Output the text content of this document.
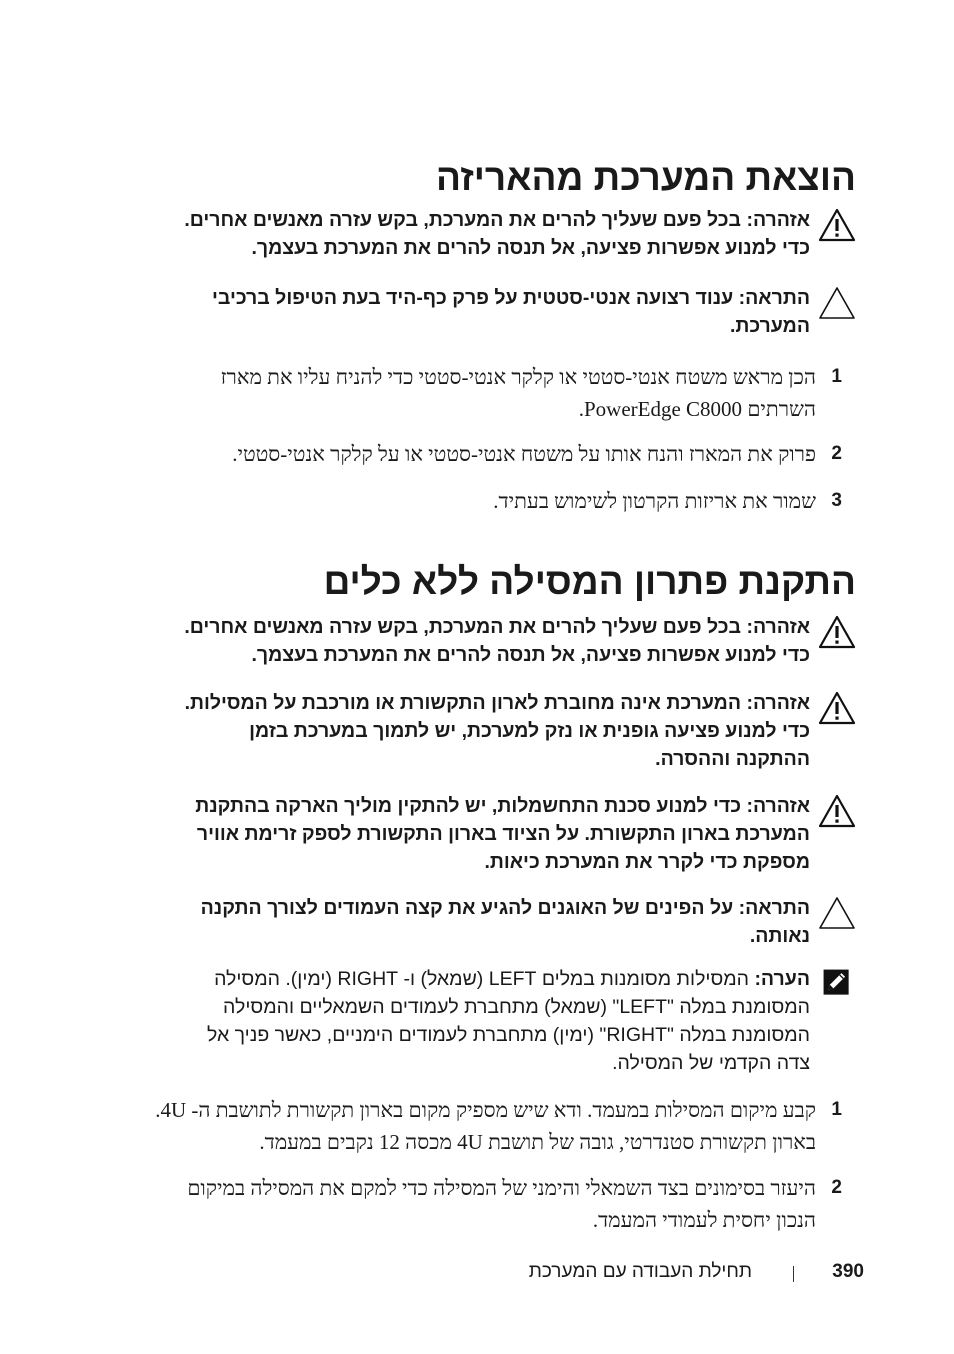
הוצאת המערכת מהאריזה
אזהרה: בכל פעם שעליך להרים את המערכת, בקש עזרה מאנשים אחרים.
כדי למנוע אפשרות פציעה, אל תנסה להרים את המערכת בעצמך.
התראה: ענוד רצועה אנטי-סטטית על פרק כף-היד בעת הטיפול ברכיבי
המערכת.
1
הכן מראש משטח אנטי-סטטי או קלקר אנטי-סטטי כדי להניח עליו את מארז
השרתים PowerEdge C8000.
2
פרוק את המארז והנח אותו על משטח אנטי-סטטי או על קלקר אנטי-סטטי.
3
שמור את אריזות הקרטון לשימוש בעתיד.
התקנת פתרון המסילה ללא כלים
אזהרה: בכל פעם שעליך להרים את המערכת, בקש עזרה מאנשים אחרים.
כדי למנוע אפשרות פציעה, אל תנסה להרים את המערכת בעצמך.
אזהרה: המערכת אינה מחוברת לארון התקשורת או מורכבת על המסילות.
כדי למנוע פציעה גופנית או נזק למערכת, יש לתמוך במערכת בזמן
ההתקנה וההסרה.
אזהרה: כדי למנוע סכנת התחשמלות, יש להתקין מוליך הארקה בהתקנת
המערכת בארון התקשורת. על הציוד בארון התקשורת לספק זרימת אוויר
מספקת כדי לקרר את המערכת כיאות.
התראה: על הפינים של האוגנים להגיע את קצה העמודים לצורך התקנה
נאותה.
הערה: המסילות מסומנות במלים LEFT (שמאל) ו- RIGHT (ימין). המסילה
המסומנת במלה "LEFT" (שמאל) מתחברת לעמודים השמאליים והמסילה
המסומנת במלה "RIGHT" (ימין) מתחברת לעמודים הימניים, כאשר פניך אל
צדה הקדמי של המסילה.
1
קבע מיקום המסילות במעמד. ודא שיש מספיק מקום בארון תקשורת לתושבת ה- 4U.
בארון תקשורת סטנדרטי, גובה של תושבת 4U מכסה 12 נקבים במעמד.
2
היעזר בסימונים בצד השמאלי והימני של המסילה כדי למקם את המסילה במיקום
הנכון יחסית לעמודי המעמד.
390
תחילת העבודה עם המערכת
